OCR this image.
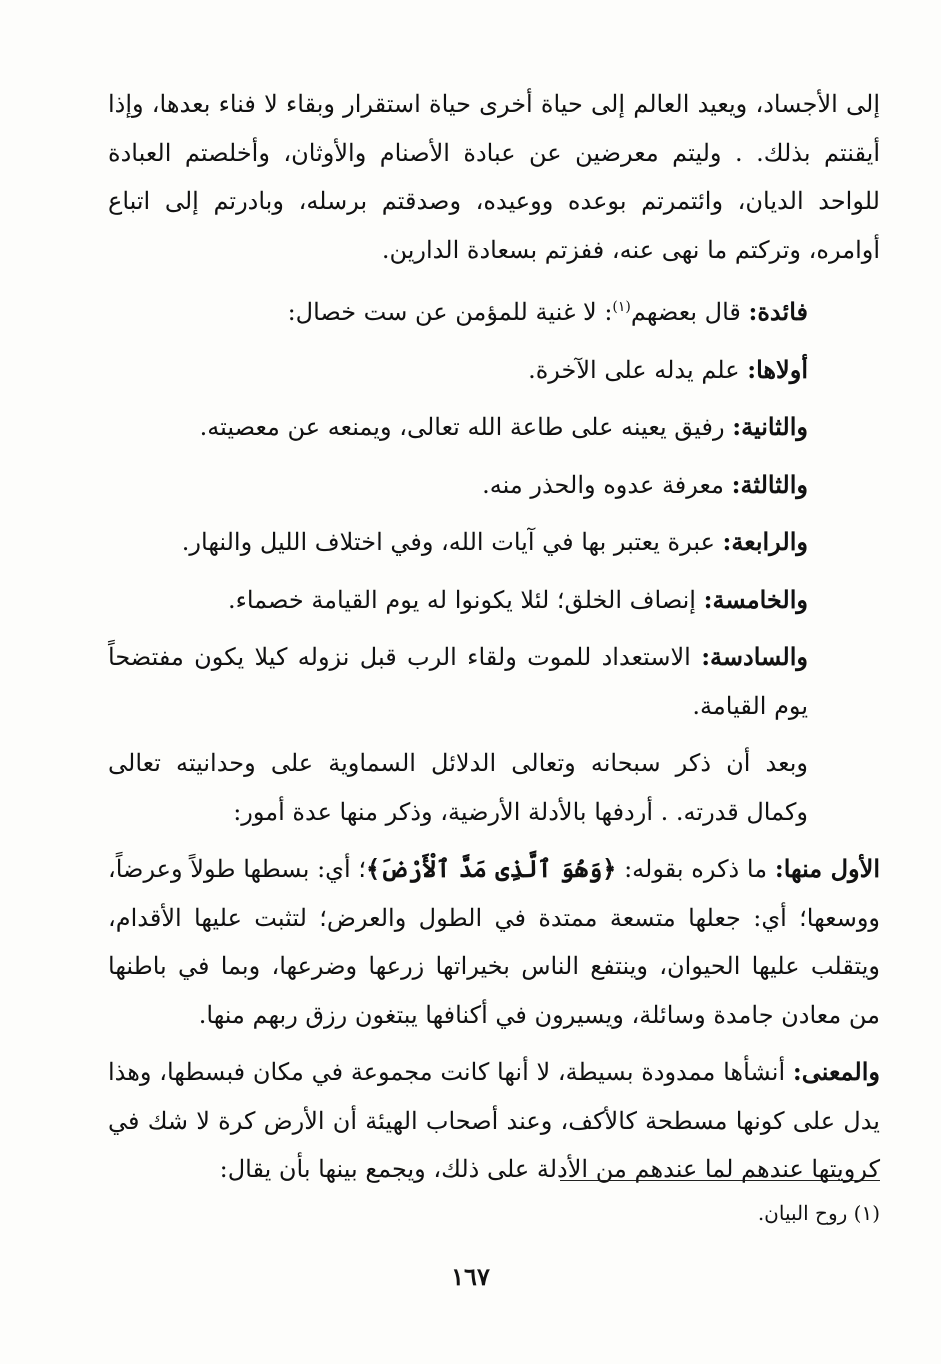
إلى الأجساد، ويعيد العالم إلى حياة أخرى حياة استقرار وبقاء لا فناء بعدها، وإذا أيقنتم بذلك. . وليتم معرضين عن عبادة الأصنام والأوثان، وأخلصتم العبادة للواحد الديان، وائتمرتم بوعده ووعيده، وصدقتم برسله، وبادرتم إلى اتباع أوامره، وتركتم ما نهى عنه، ففزتم بسعادة الدارين.

فائدة: قال بعضهم$^{(١)}$: لا غنية للمؤمن عن ست خصال:

أولاها: علم يدله على الآخرة.

والثانية: رفيق يعينه على طاعة الله تعالى، ويمنعه عن معصيته.

والثالثة: معرفة عدوه والحذر منه.

والرابعة: عبرة يعتبر بها في آيات الله، وفي اختلاف الليل والنهار.

والخامسة: إنصاف الخلق؛ لئلا يكونوا له يوم القيامة خصماء.

والسادسة: الاستعداد للموت ولقاء الرب قبل نزوله كيلا يكون مفتضحاً يوم القيامة.

وبعد أن ذكر سبحانه وتعالى الدلائل السماوية على وحدانيته تعالى وكمال قدرته. . أردفها بالأدلة الأرضية، وذكر منها عدة أمور:

الأول منها: ما ذكره بقوله: ﴿وَهُوَ ٱلَّذِى مَدَّ ٱلْأَرْضَ﴾؛ أي: بسطها طولاً وعرضاً، ووسعها؛ أي: جعلها متسعة ممتدة في الطول والعرض؛ لتثبت عليها الأقدام، ويتقلب عليها الحيوان، وينتفع الناس بخيراتها زرعها وضرعها، وبما في باطنها من معادن جامدة وسائلة، ويسيرون في أكنافها يبتغون رزق ربهم منها.

والمعنى: أنشأها ممدودة بسيطة، لا أنها كانت مجموعة في مكان فبسطها، وهذا يدل على كونها مسطحة كالأكف، وعند أصحاب الهيئة أن الأرض كرة لا شك في كرويتها عندهم لما عندهم من الأدلة على ذلك، ويجمع بينها بأن يقال:

(١) روح البيان.
١٦٧
